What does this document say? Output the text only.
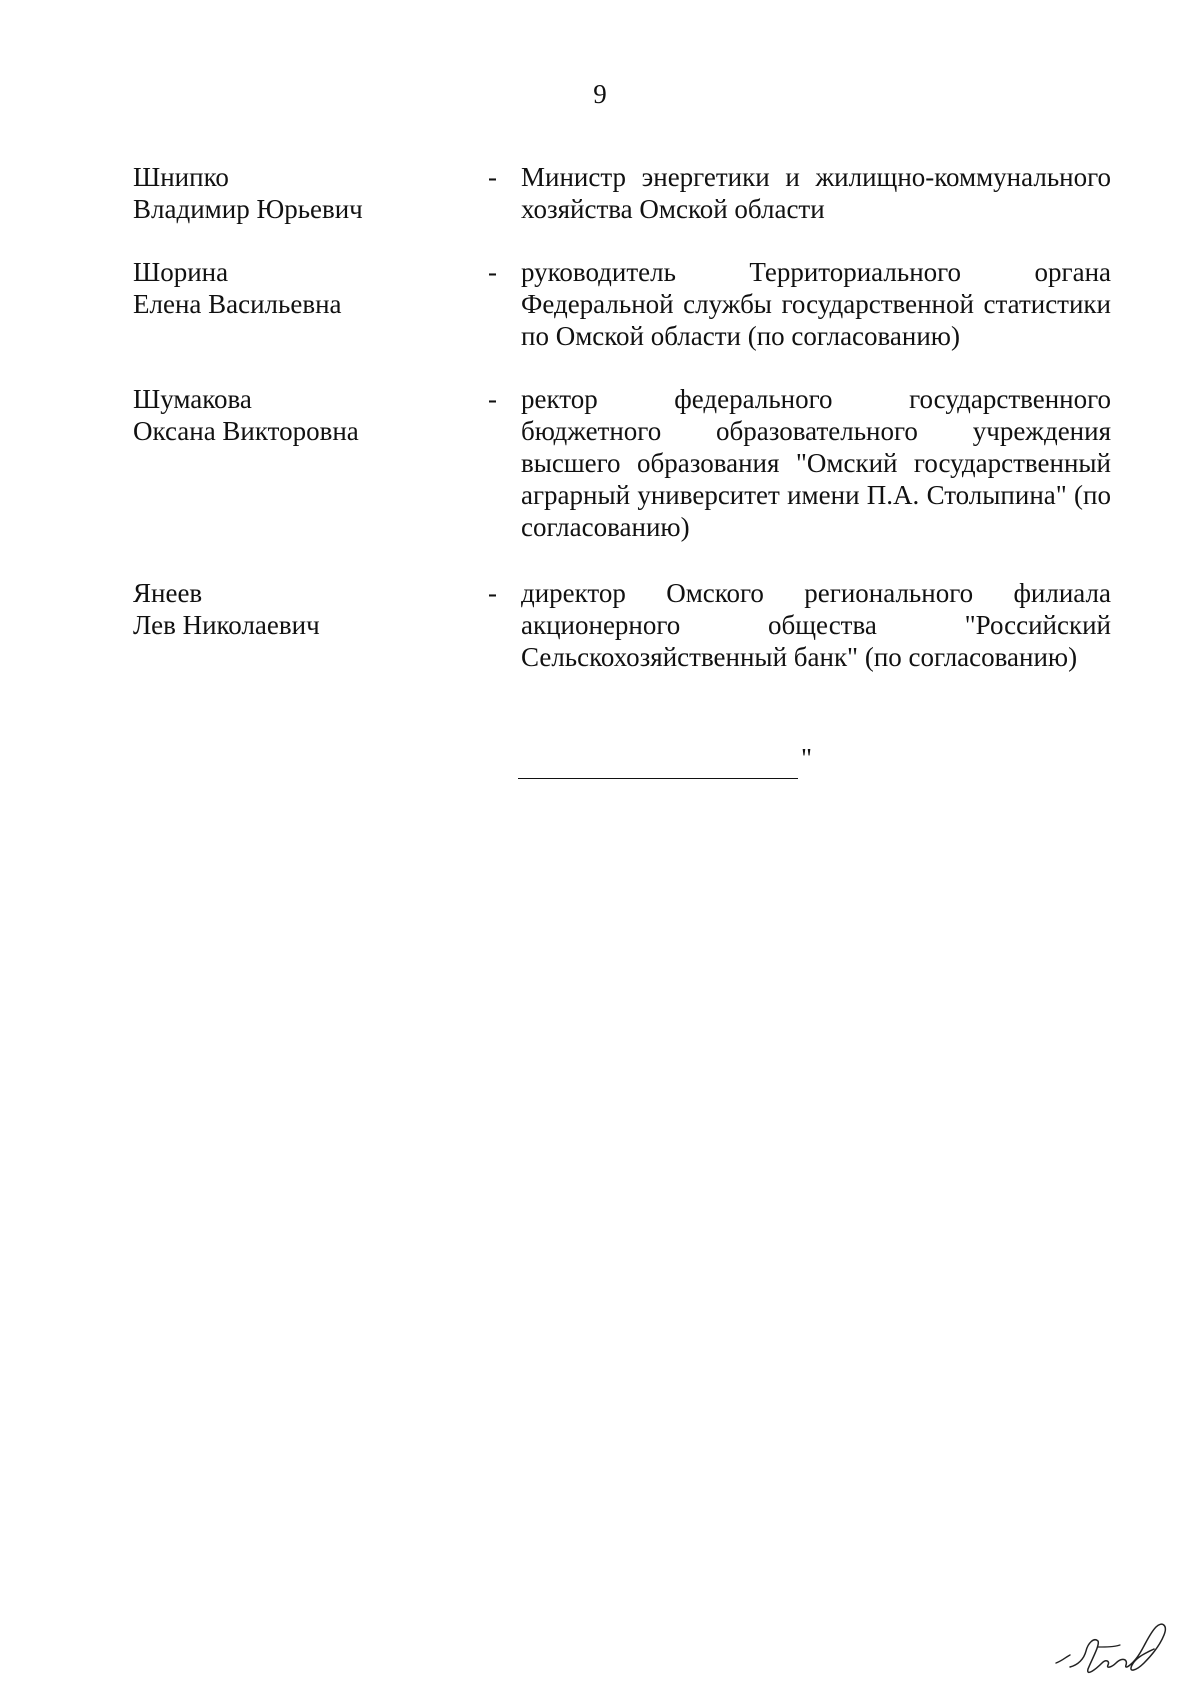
9
Шнипко
Владимир Юрьевич
- Министр энергетики и жилищно-коммунального хозяйства Омской области
Шорина
Елена Васильевна
- руководитель Территориального органа Федеральной службы государственной статистики по Омской области (по согласованию)
Шумакова
Оксана Викторовна
- ректор федерального государственного бюджетного образовательного учреждения высшего образования "Омский государственный аграрный университет имени П.А. Столыпина" (по согласованию)
Янеев
Лев Николаевич
- директор Омского регионального филиала акционерного общества "Российский Сельскохозяйственный банк" (по согласованию)
"
